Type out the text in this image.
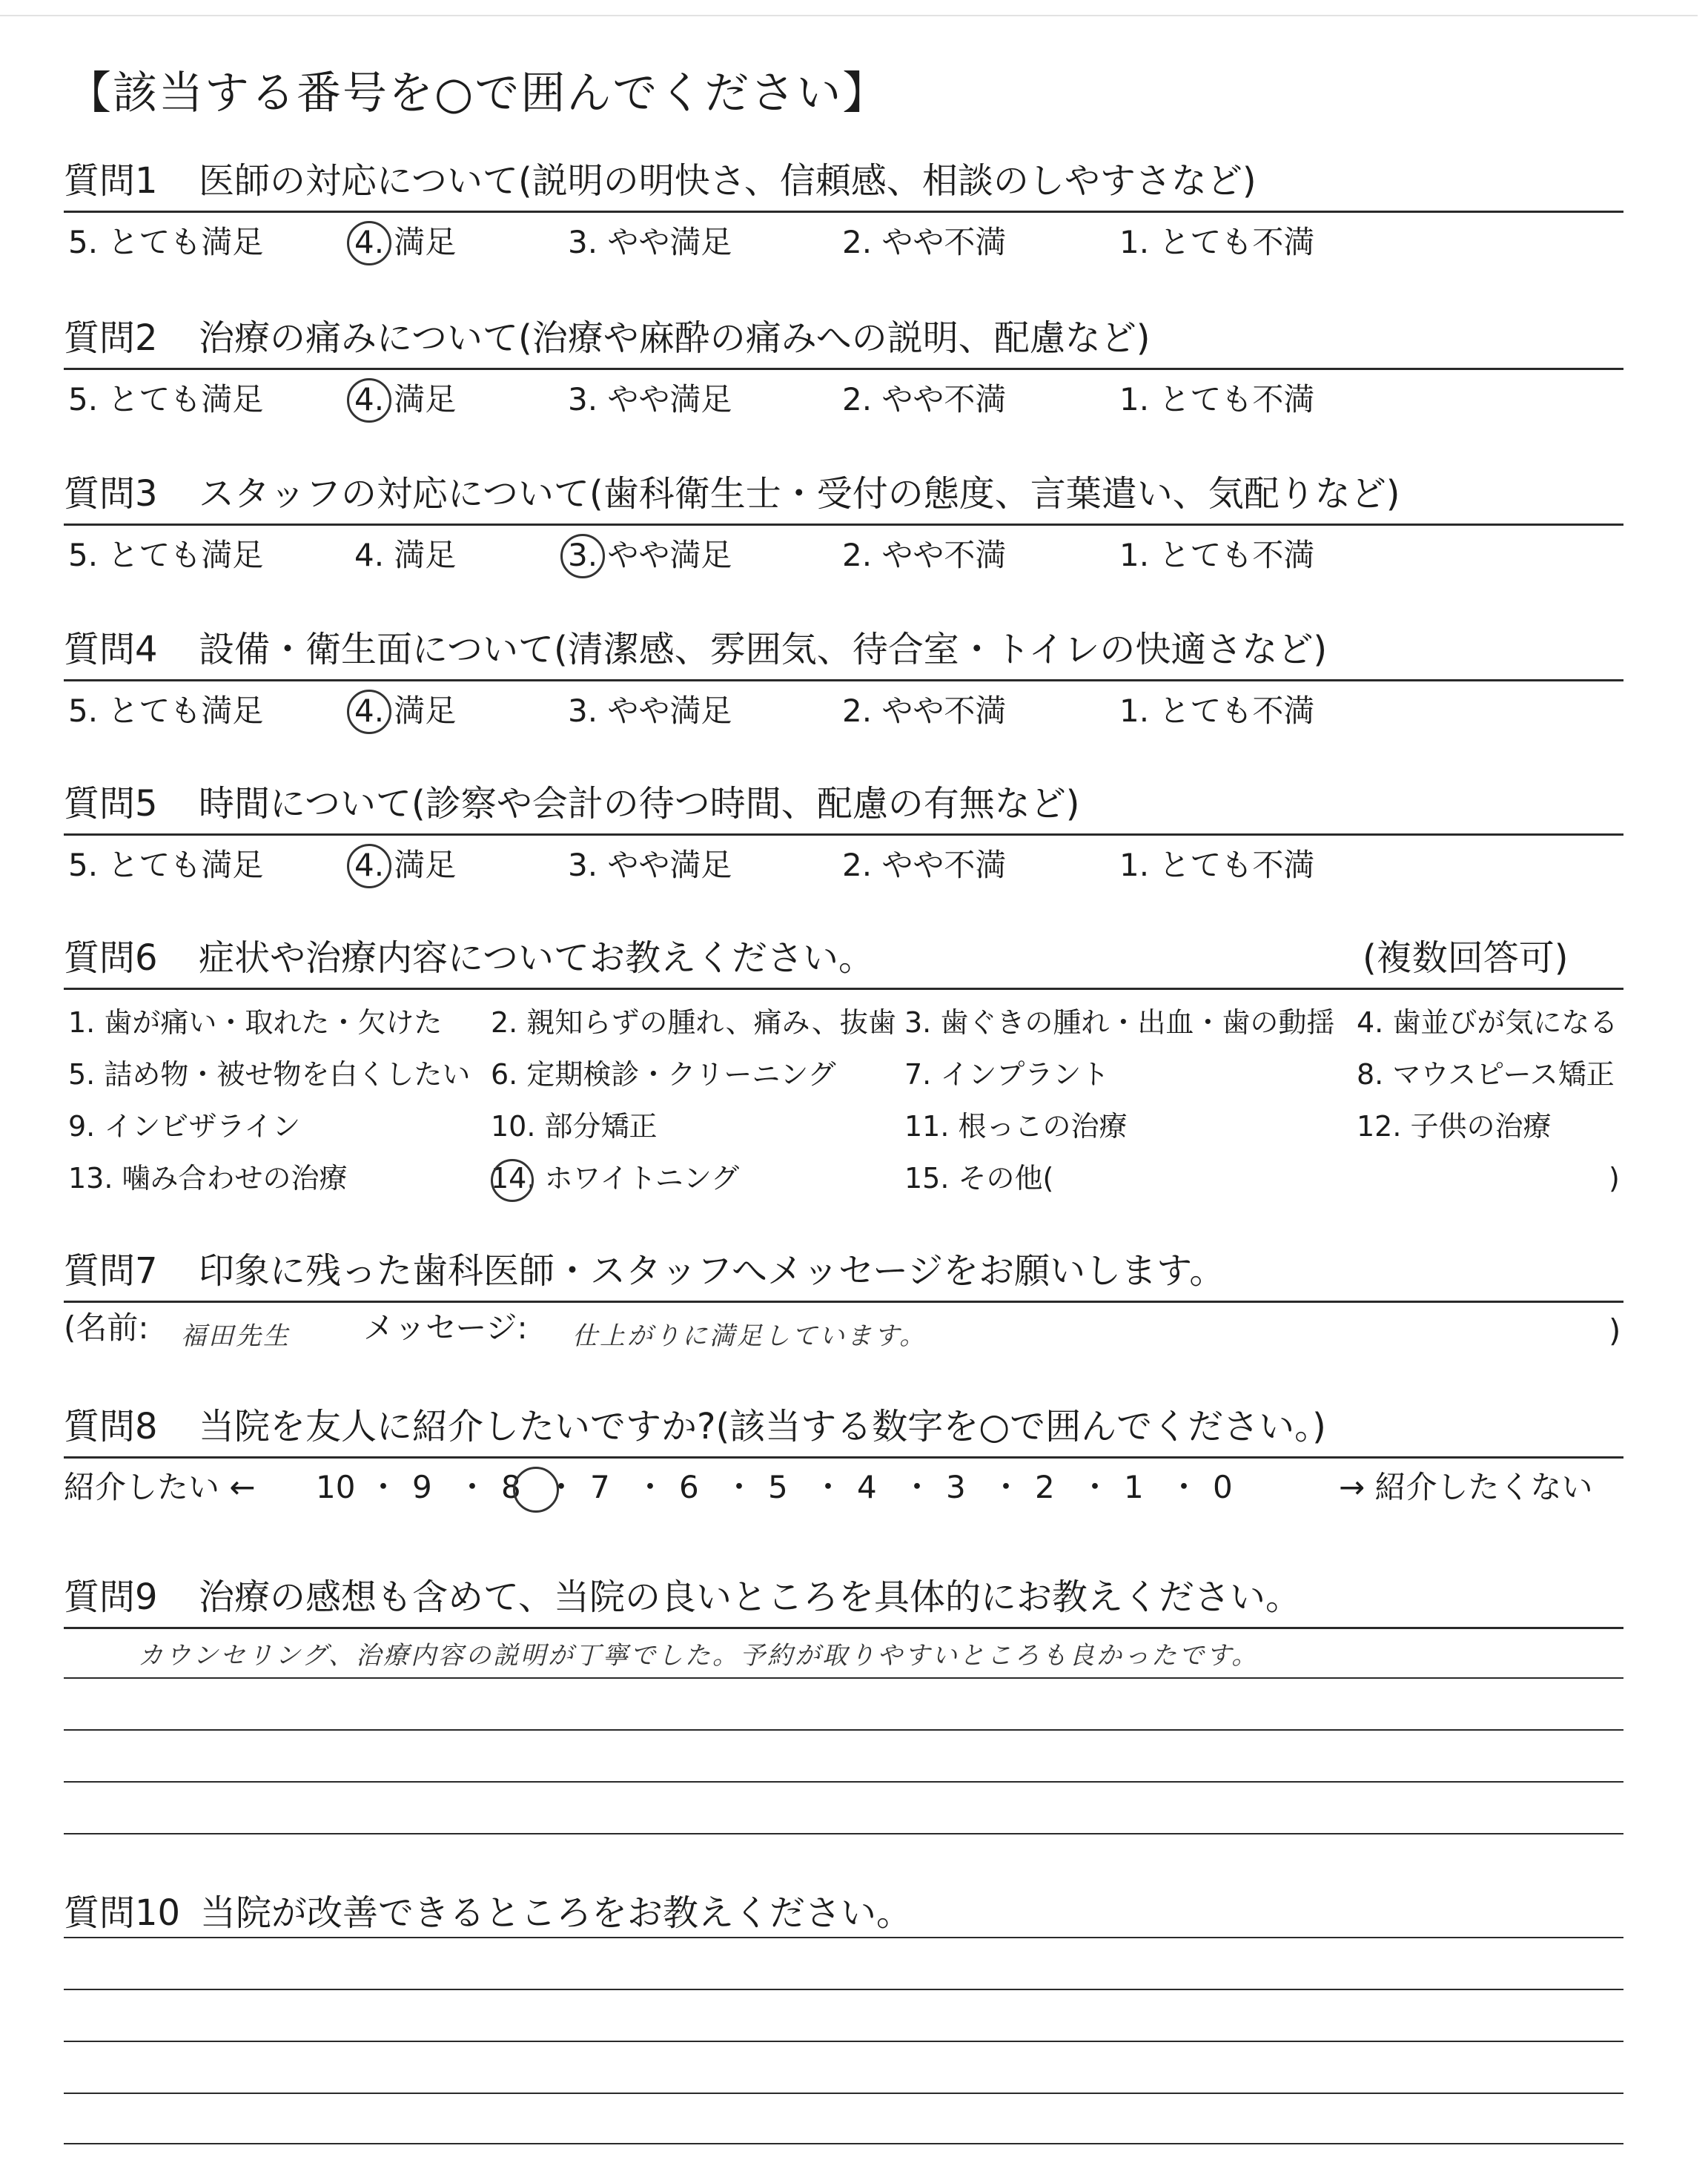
【該当する番号を○で囲んでください】
質問1 医師の対応について(説明の明快さ、信頼感、相談のしやすさなど)
5. とても満足	4. 満足	3. やや満足	2. やや不満	1. とても不満
質問2 治療の痛みについて(治療や麻酔の痛みへの説明、配慮など)
5. とても満足	4. 満足	3. やや満足	2. やや不満	1. とても不満
質問3 スタッフの対応について(歯科衛生士・受付の態度、言葉遣い、気配りなど)
5. とても満足	4. 満足	3. やや満足	2. やや不満	1. とても不満
質問4 設備・衛生面について(清潔感、雰囲気、待合室・トイレの快適さなど)
5. とても満足	4. 満足	3. やや満足	2. やや不満	1. とても不満
質問5 時間について(診察や会計の待つ時間、配慮の有無など)
5. とても満足	4. 満足	3. やや満足	2. やや不満	1. とても不満
質問6 症状や治療内容についてお教えください。	(複数回答可)
1. 歯が痛い・取れた・欠けた 2. 親知らずの腫れ、痛み、抜歯 3. 歯ぐきの腫れ・出血・歯の動揺 4. 歯並びが気になる
5. 詰め物・被せ物を白くしたい 6. 定期検診・クリーニング 7. インプラント	8. マウスピース矯正
9. インビザライン	10. 部分矯正	11. 根っこの治療	12. 子供の治療
13. 噛み合わせの治療	14. ホワイトニング	15. その他(	)
質問7 印象に残った歯科医師・スタッフへメッセージをお願いします。
(名前: 福田先生 メッセージ: 仕上がりに満足しています。	)
質問8 当院を友人に紹介したいですか?(該当する数字を○で囲んでください。)
紹介したい ← 10 ・ 9 ・ 8 ・ 7 ・ 6 ・ 5 ・ 4 ・ 3 ・ 2 ・ 1 ・ 0	→ 紹介したくない
質問9 治療の感想も含めて、当院の良いところを具体的にお教えください。
カウンセリング、治療内容の説明が丁寧でした。予約が取りやすいところも良かったです。
質問10 当院が改善できるところをお教えください。
